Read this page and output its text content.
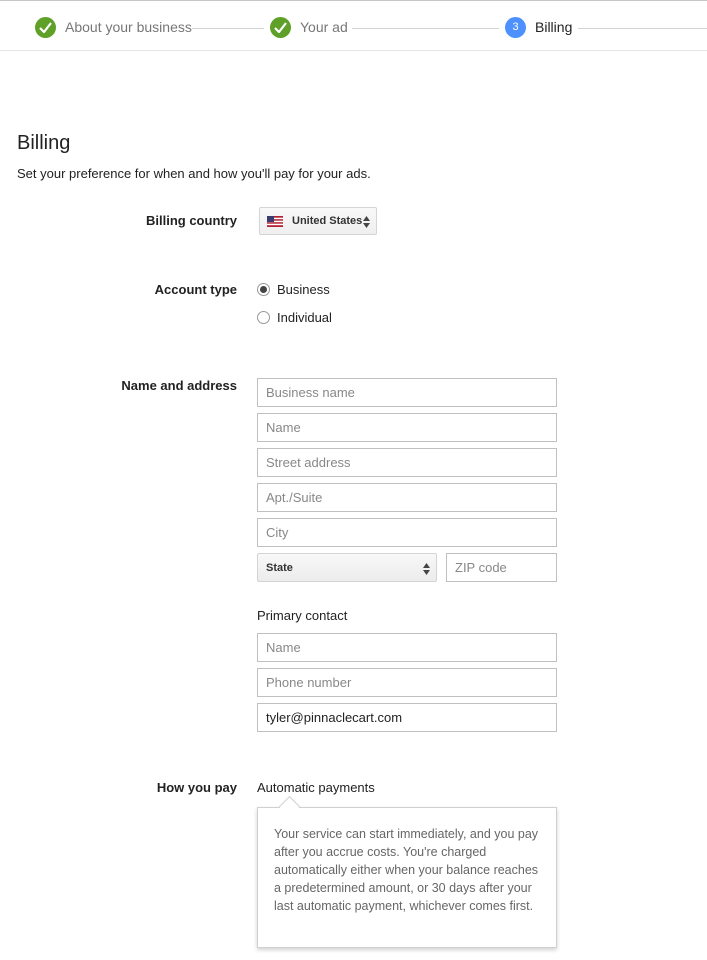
About your business	Your ad	3	Billing
Billing
Set your preference for when and how you'll pay for your ads.
Billing country	United States
Account type	Business
Individual
Name and address
Business name
Name
Street address
Apt./Suite
City
State
ZIP code
Primary contact
Name
Phone number
tyler@pinnaclecart.com
How you pay Automatic payments
Your service can start immediately, and you pay after you accrue costs. You're charged automatically either when your balance reaches a predetermined amount, or 30 days after your last automatic payment, whichever comes first.
